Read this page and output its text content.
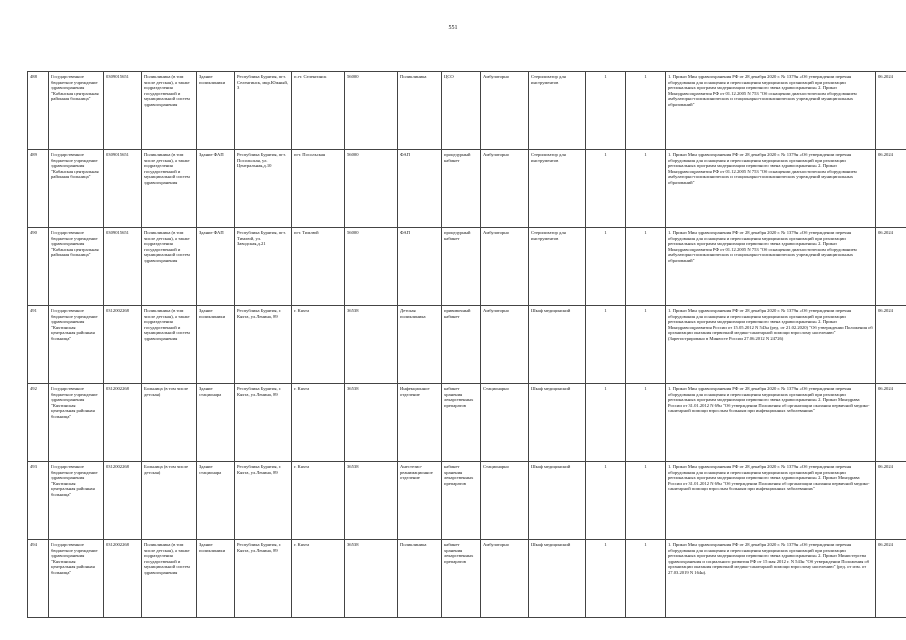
551
488	Государственное бюджетное учреждение здравоохранения "Кабанская центральная районная больница"	0309015651	Поликлиника (в том числе детская), а также подразделения государственной и муниципальной систем здравоохранения	Здание поликлиники	Республика Бурятия, пгт. Селенгинск, мкр.Южный, 3	п.гт. Селенгинск	56000	Поликлиника	ЦСО	Амбулаторно	Стерилизатор для инструментов	1	1	1. Приказ Мин здравоохранения РФ от 28 декабря 2020 г. № 1379н «Об утверждении перечня оборудования для оснащения и переоснащения медицинских организаций при реализации региональных программ модернизации первичного звена здравоохранения» 2. Приказ Минздравсоцразвития РФ от 01.12.2005 N 753 "Об оснащении диагностическим оборудованием амбулаторно-поликлинических и стационарно-поликлинических учреждений муниципальных образований"	06.2024
489	Государственное бюджетное учреждение здравоохранения "Кабанская центральная районная больница"	0309015651	Поликлиника (в том числе детская), а также подразделения государственной и муниципальной систем здравоохранения	Здание ФАП	Республика Бурятия, пгт. Посольская, ул. Центральная,д.10	пгт. Посольская	56000	ФАП	процедурный кабинет	Амбулаторно	Стерилизатор для инструментов	1	1	1. Приказ Мин здравоохранения РФ от 28 декабря 2020 г. № 1379н «Об утверждении перечня оборудования для оснащения и переоснащения медицинских организаций при реализации региональных программ модернизации первичного звена здравоохранения» 2. Приказ Минздравсоцразвития РФ от 01.12.2005 N 753 "Об оснащении диагностическим оборудованием амбулаторно-поликлинических и стационарно-поликлинических учреждений муниципальных образований"	06.2024
490	Государственное бюджетное учреждение здравоохранения "Кабанская центральная районная больница"	0309015651	Поликлиника (в том числе детская), а также подразделения государственной и муниципальной систем здравоохранения	Здание ФАП	Республика Бурятия, пгт. Тимлюй, ул. Заводская,д.21	пгт. Тимлюй	56000	ФАП	процедурный кабинет	Амбулаторно	Стерилизатор для инструментов	1	1	1. Приказ Мин здравоохранения РФ от 28 декабря 2020 г. № 1379н «Об утверждении перечня оборудования для оснащения и переоснащения медицинских организаций при реализации региональных программ модернизации первичного звена здравоохранения» 2. Приказ Минздравсоцразвития РФ от 01.12.2005 N 753 "Об оснащении диагностическим оборудованием амбулаторно-поликлинических и стационарно-поликлинических учреждений муниципальных образований"	06.2024
491	Государственное бюджетное учреждение здравоохранения "Кяхтинская центральная районная больница"	0312002268	Поликлиника (в том числе детская), а также подразделения государственной и муниципальной систем здравоохранения	Здание поликлиники	Республика Бурятия, г. Кяхта, ул.Ленина, 89	г. Кяхта	36538	Детская поликлиника	прививочный кабинет	Амбулаторно	Шкаф медицинский	1	1	1. Приказ Мин здравоохранения РФ от 28 декабря 2020 г. № 1379н «Об утверждении перечня оборудования для оснащения и переоснащения медицинских организаций при реализации региональных программ модернизации первичного звена здравоохранения» 2. Приказ Минздравсоцразвития России от 15.05.2012 N 543н (ред. от 21.02.2020) "Об утверждении Положения об организации оказания первичной медико-санитарной помощи взрослому населению" (Зарегистрировано в Минюсте России 27.06.2012 N 24726)	06.2024
492	Государственное бюджетное учреждение здравоохранения "Кяхтинская центральная районная больница"	0312002268	Больница (в том числе детская)	Здание стационара	Республика Бурятия, г. Кяхта, ул.Ленина, 89	г. Кяхта	36538	Инфекционное отделение	кабинет хранения лекарственных препаратов	Стационарно	Шкаф медицинский	1	1	1. Приказ Мин здравоохранения РФ от 28 декабря 2020 г. № 1379н «Об утверждении перечня оборудования для оснащения и переоснащения медицинских организаций при реализации региональных программ модернизации первичного звена здравоохранения» 2. Приказ Минздрава России от 31.01.2012 N 69н "Об утверждении Положения об организации оказания первичной медико-санитарной помощи взрослым больным при инфекционных заболеваниях"	06.2024
493	Государственное бюджетное учреждение здравоохранения "Кяхтинская центральная районная больница"	0312002268	Больница (в том числе детская)	Здание стационара	Республика Бурятия, г. Кяхта, ул.Ленина, 89	г. Кяхта	36538	Анестезио-реанимационное отделение	кабинет хранения лекарственных препаратов	Стационарно	Шкаф медицинский	1	1	1. Приказ Мин здравоохранения РФ от 28 декабря 2020 г. № 1379н «Об утверждении перечня оборудования для оснащения и переоснащения медицинских организаций при реализации региональных программ модернизации первичного звена здравоохранения» 2. Приказ Минздрава России от 31.01.2012 N 69н "Об утверждении Положения об организации оказания первичной медико-санитарной помощи взрослым больным при инфекционных заболеваниях"	06.2024
494	Государственное бюджетное учреждение здравоохранения "Кяхтинская центральная районная больница"	0312002268	Поликлиника (в том числе детская), а также подразделения государственной и муниципальной систем здравоохранения	Здание поликлиники	Республика Бурятия, г. Кяхта, ул.Ленина, 89	г. Кяхта	36538	Поликлиника	кабинет хранения лекарственных препаратов	Амбулаторно	Шкаф медицинский	1	1	1. Приказ Мин здравоохранения РФ от 28 декабря 2020 г. № 1379н «Об утверждении перечня оборудования для оснащения и переоснащения медицинских организаций при реализации региональных программ модернизации первичного звена здравоохранения» 2. Приказ Министерства здравоохранения и социального развития РФ от 15 мая 2012 г. N 543н "Об утверждении Положения об организации оказания первичной медико-санитарной помощи взрослому населению" (ред. от изм. от 27.03.2019 N 164н).	06.2024
